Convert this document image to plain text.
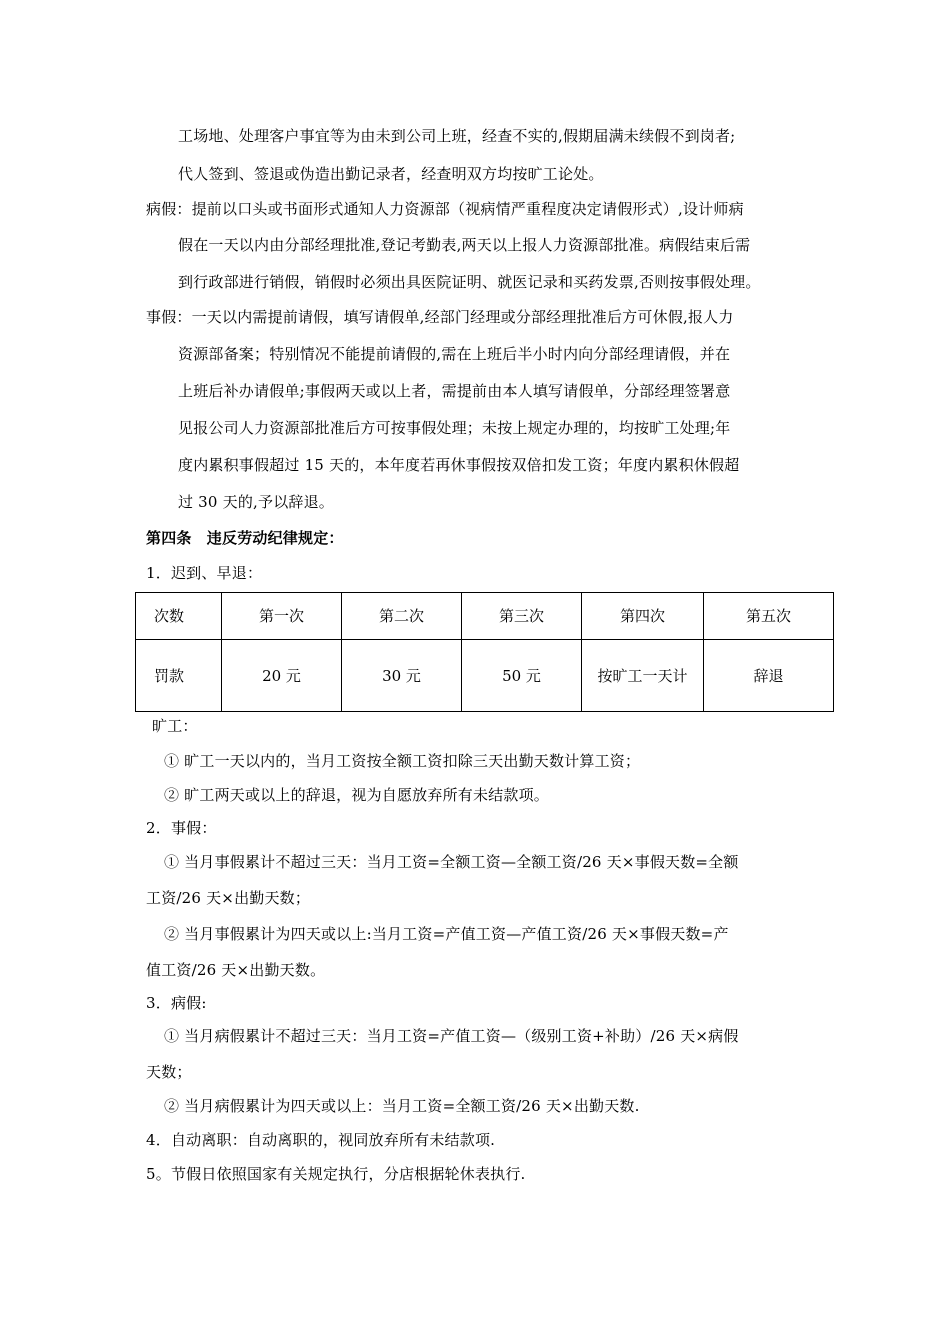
工场地、处理客户事宜等为由未到公司上班，经查不实的,假期届满未续假不到岗者;
代人签到、签退或伪造出勤记录者，经查明双方均按旷工论处。
病假：提前以口头或书面形式通知人力资源部（视病情严重程度决定请假形式）,设计师病
假在一天以内由分部经理批准,登记考勤表,两天以上报人力资源部批准。病假结束后需
到行政部进行销假，销假时必须出具医院证明、就医记录和买药发票,否则按事假处理。
事假：一天以内需提前请假，填写请假单,经部门经理或分部经理批准后方可休假,报人力
资源部备案；特别情况不能提前请假的,需在上班后半小时内向分部经理请假，并在
上班后补办请假单;事假两天或以上者，需提前由本人填写请假单，分部经理签署意
见报公司人力资源部批准后方可按事假处理；未按上规定办理的，均按旷工处理;年
度内累积事假超过 15 天的，本年度若再休事假按双倍扣发工资；年度内累积休假超
过 30 天的,予以辞退。
第四条　违反劳动纪律规定：
1．迟到、早退：
次数	第一次	第二次	第三次	第四次	第五次
罚款	20 元	30 元	50 元	按旷工一天计	辞退
旷工：
① 旷工一天以内的，当月工资按全额工资扣除三天出勤天数计算工资；
② 旷工两天或以上的辞退，视为自愿放弃所有未结款项。
2．事假：
① 当月事假累计不超过三天：当月工资=全额工资—全额工资/26 天×事假天数=全额
工资/26 天×出勤天数；
② 当月事假累计为四天或以上:当月工资=产值工资—产值工资/26 天×事假天数=产
值工资/26 天×出勤天数。
3．病假:
① 当月病假累计不超过三天：当月工资=产值工资—（级别工资+补助）/26 天×病假
天数；
② 当月病假累计为四天或以上：当月工资=全额工资/26 天×出勤天数.
4．自动离职：自动离职的，视同放弃所有未结款项.
5。节假日依照国家有关规定执行，分店根据轮休表执行.
